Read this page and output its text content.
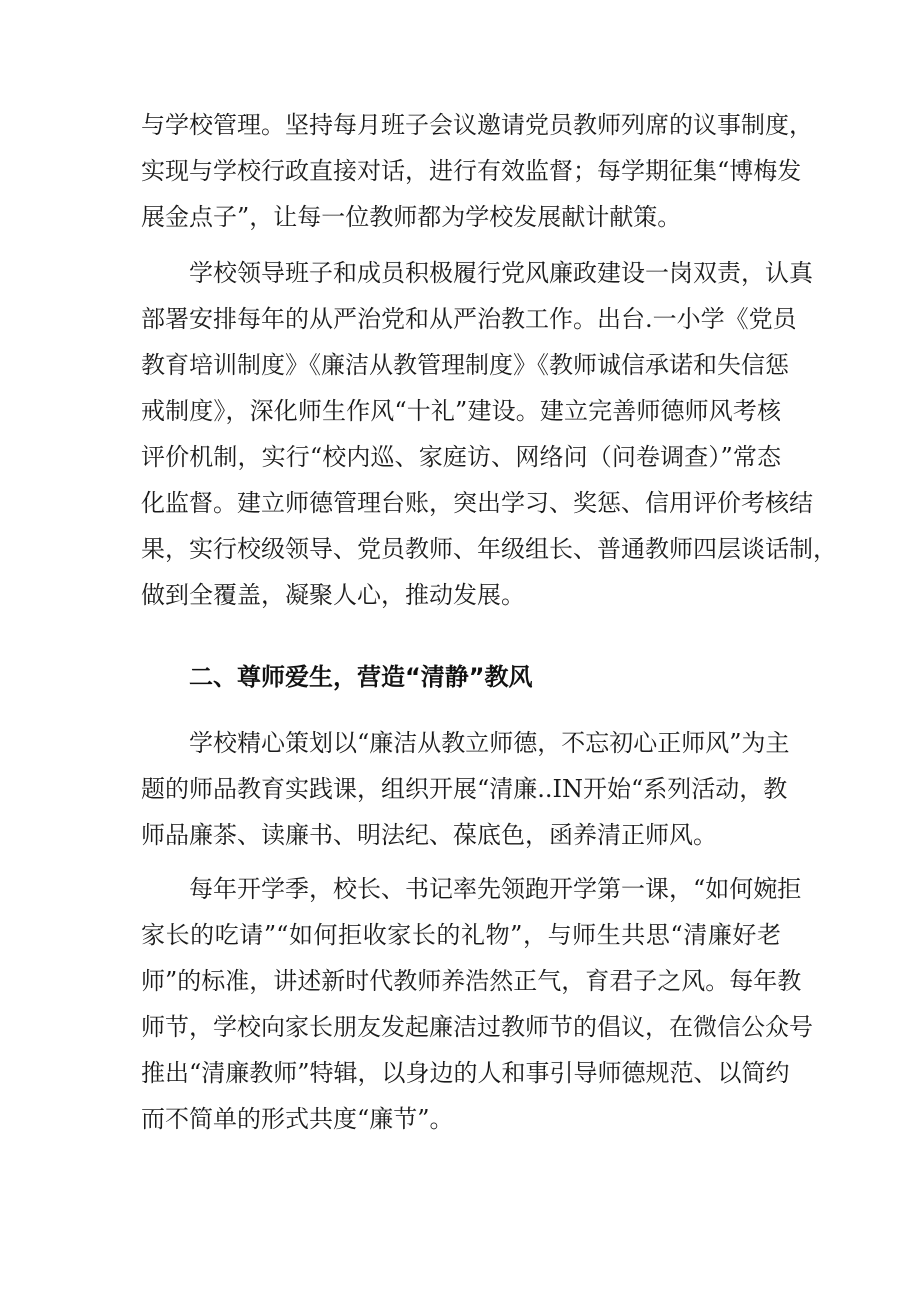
与学校管理。坚持每月班子会议邀请党员教师列席的议事制度，
实现与学校行政直接对话，进行有效监督；每学期征集“博梅发
展金点子”，让每一位教师都为学校发展献计献策。
学校领导班子和成员积极履行党风廉政建设一岗双责，认真
部署安排每年的从严治党和从严治教工作。出台.一小学《党员
教育培训制度》《廉洁从教管理制度》《教师诚信承诺和失信惩
戒制度》，深化师生作风“十礼”建设。建立完善师德师风考核
评价机制，实行“校内巡、家庭访、网络问（问卷调查）”常态
化监督。建立师德管理台账，突出学习、奖惩、信用评价考核结
果，实行校级领导、党员教师、年级组长、普通教师四层谈话制，
做到全覆盖，凝聚人心，推动发展。
二、尊师爱生，营造“清静”教风
学校精心策划以“廉洁从教立师德，不忘初心正师风”为主
题的师品教育实践课，组织开展“清廉..IN开始“系列活动，教
师品廉茶、读廉书、明法纪、葆底色，函养清正师风。
每年开学季，校长、书记率先领跑开学第一课，“如何婉拒
家长的吃请”“如何拒收家长的礼物”，与师生共思“清廉好老
师”的标准，讲述新时代教师养浩然正气，育君子之风。每年教
师节，学校向家长朋友发起廉洁过教师节的倡议，在微信公众号
推出“清廉教师”特辑，以身边的人和事引导师德规范、以简约
而不简单的形式共度“廉节”。
